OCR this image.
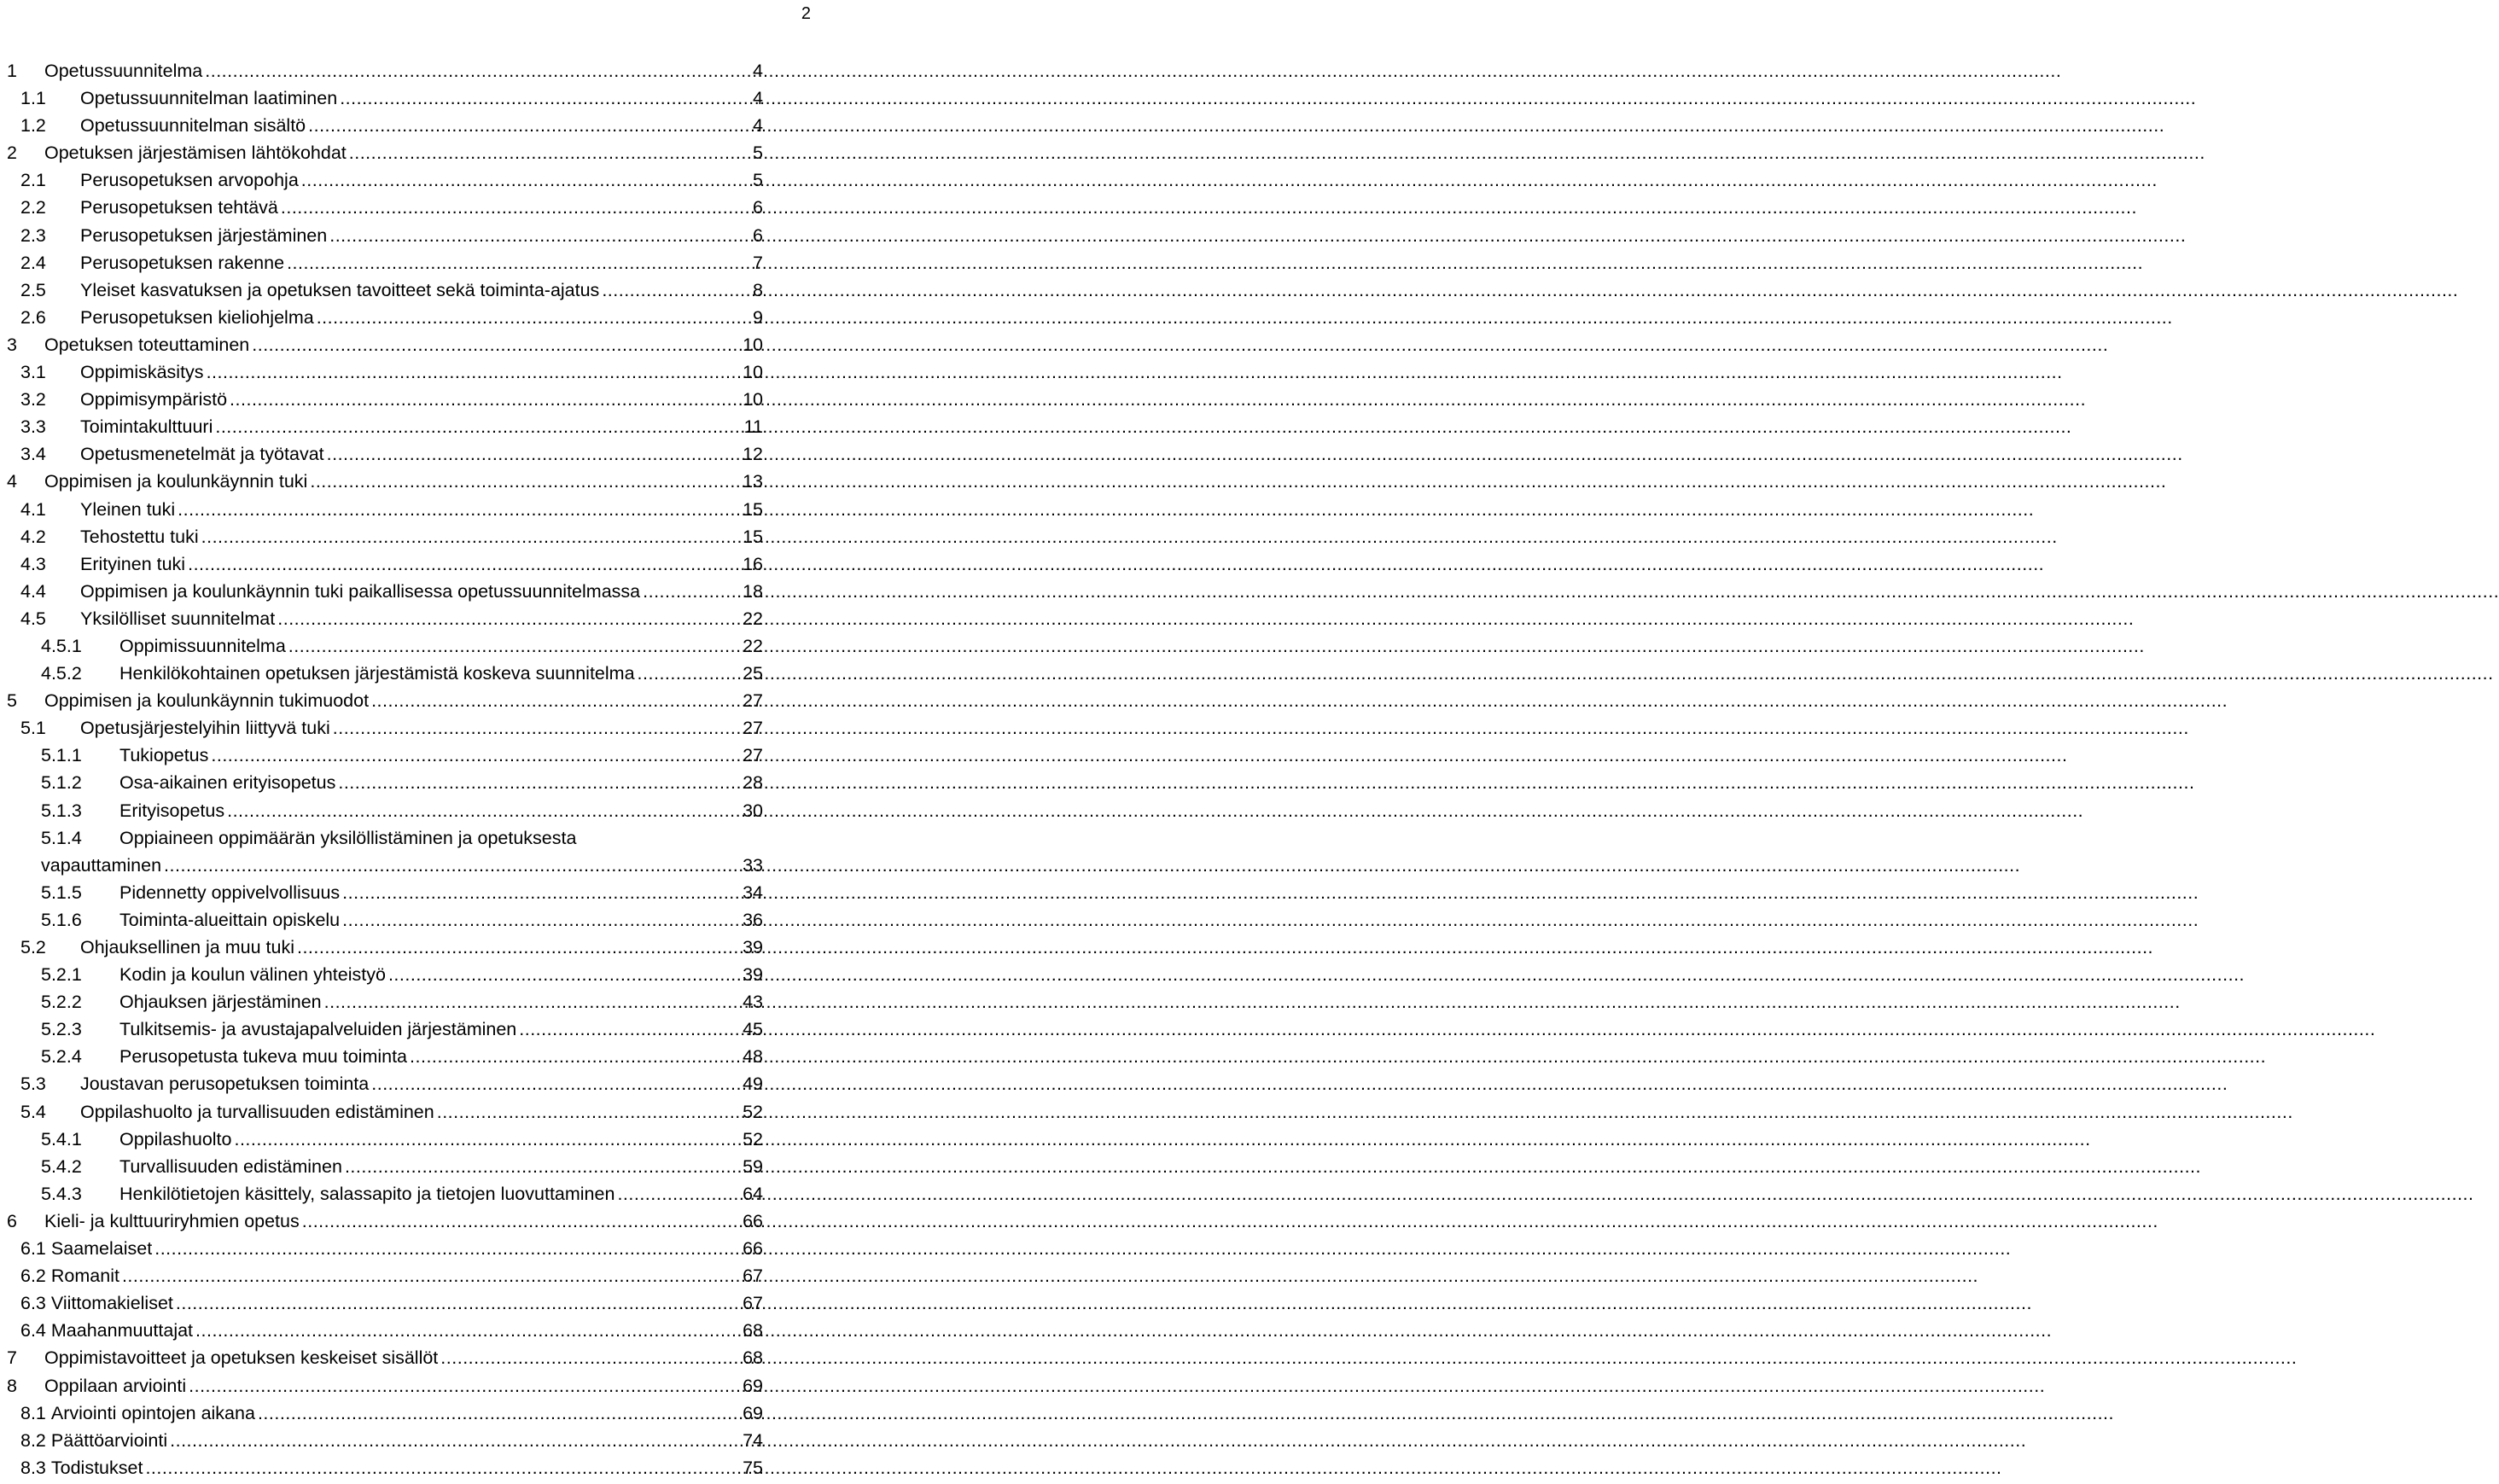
2
1	Opetussuunnitelma .....	4
1.1	Opetussuunnitelman laatiminen .....	4
1.2	Opetussuunnitelman sisältö .....	4
2	Opetuksen järjestämisen lähtökohdat .....	5
2.1	Perusopetuksen arvopohja .....	5
2.2	Perusopetuksen tehtävä .....	6
2.3	Perusopetuksen järjestäminen .....	6
2.4	Perusopetuksen rakenne .....	7
2.5	Yleiset kasvatuksen ja opetuksen tavoitteet sekä toiminta-ajatus .....	8
2.6	Perusopetuksen kieliohjelma .....	9
3	Opetuksen toteuttaminen .....	10
3.1	Oppimiskäsitys .....	10
3.2	Oppimisympäristö .....	10
3.3	Toimintakulttuuri .....	11
3.4	Opetusmenetelmät ja työtavat .....	12
4	Oppimisen ja koulunkäynnin tuki .....	13
4.1	Yleinen tuki .....	15
4.2	Tehostettu tuki .....	15
4.3	Erityinen tuki .....	16
4.4	Oppimisen ja koulunkäynnin tuki paikallisessa opetussuunnitelmassa .....	18
4.5	Yksilölliset suunnitelmat .....	22
4.5.1	Oppimissuunnitelma .....	22
4.5.2	Henkilökohtainen opetuksen järjestämistä koskeva suunnitelma .....	25
5	Oppimisen ja koulunkäynnin tukimuodot .....	27
5.1	Opetusjärjestelyihin liittyvä tuki .....	27
5.1.1	Tukiopetus .....	27
5.1.2	Osa-aikainen erityisopetus .....	28
5.1.3	Erityisopetus .....	30
5.1.4	Oppiaineen oppimäärän yksilöllistäminen ja opetuksesta
vapauttaminen .....	33
5.1.5	Pidennetty oppivelvollisuus .....	34
5.1.6	Toiminta-alueittain opiskelu .....	36
5.2	Ohjauksellinen ja muu tuki .....	39
5.2.1	Kodin ja koulun välinen yhteistyö .....	39
5.2.2	Ohjauksen järjestäminen .....	43
5.2.3	Tulkitsemis- ja avustajapalveluiden järjestäminen .....	45
5.2.4	Perusopetusta tukeva muu toiminta .....	48
5.3	Joustavan perusopetuksen toiminta .....	49
5.4	Oppilashuolto ja turvallisuuden edistäminen .....	52
5.4.1	Oppilashuolto .....	52
5.4.2	Turvallisuuden edistäminen .....	59
5.4.3	Henkilötietojen käsittely, salassapito ja tietojen luovuttaminen .....	64
6	Kieli- ja kulttuuriryhmien opetus .....	66
6.1 Saamelaiset .....	66
6.2 Romanit .....	67
6.3 Viittomakieliset .....	67
6.4 Maahanmuuttajat .....	68
7	Oppimistavoitteet ja opetuksen keskeiset sisällöt .....	68
8	Oppilaan arviointi .....	69
8.1 Arviointi opintojen aikana .....	69
8.2 Päättöarviointi .....	74
8.3 Todistukset .....	75
